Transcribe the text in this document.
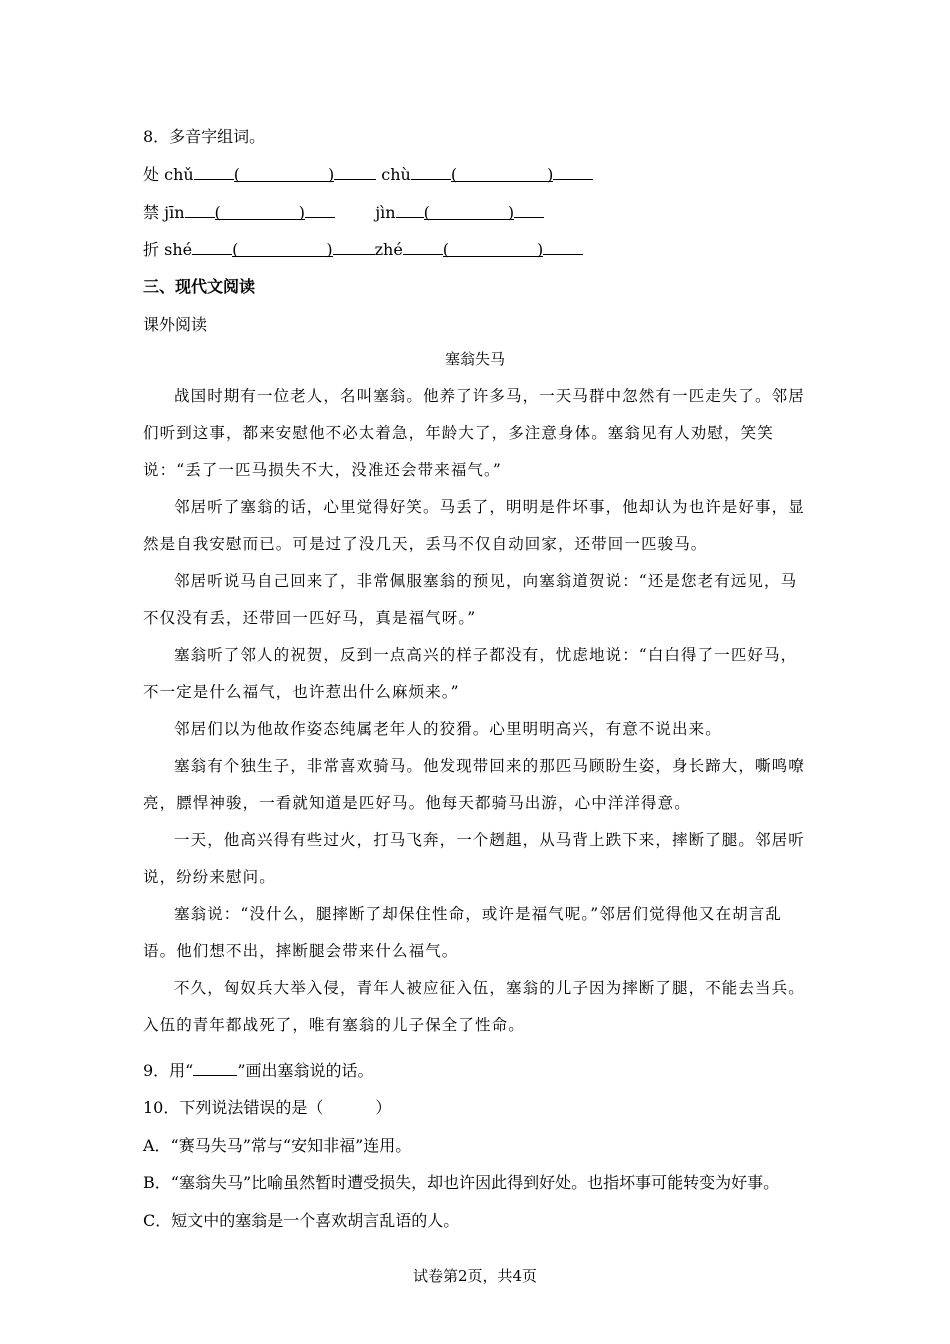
8．多音字组词。
处 chǔ	(	)	chù	(	)
禁 jīn (	)	jìn (	)
折 shé	(	)	zhé	(	)
三、现代文阅读
课外阅读
塞翁失马

战国时期有一位老人，名叫塞翁。他养了许多马，一天马群中忽然有一匹走失了。邻居们听到这事，都来安慰他不必太着急，年龄大了，多注意身体。塞翁见有人劝慰，笑笑说：“丢了一匹马损失不大，没准还会带来福气。”

邻居听了塞翁的话，心里觉得好笑。马丢了，明明是件坏事，他却认为也许是好事，显然是自我安慰而已。可是过了没几天，丢马不仅自动回家，还带回一匹骏马。

邻居听说马自己回来了，非常佩服塞翁的预见，向塞翁道贺说：“还是您老有远见，马不仅没有丢，还带回一匹好马，真是福气呀。”

塞翁听了邻人的祝贺，反到一点高兴的样子都没有，忧虑地说：“白白得了一匹好马，不一定是什么福气，也许惹出什么麻烦来。”

邻居们以为他故作姿态纯属老年人的狡猾。心里明明高兴，有意不说出来。

塞翁有个独生子，非常喜欢骑马。他发现带回来的那匹马顾盼生姿，身长蹄大，嘶鸣嘹亮，膘悍神骏，一看就知道是匹好马。他每天都骑马出游，心中洋洋得意。

一天，他高兴得有些过火，打马飞奔，一个趔趄，从马背上跌下来，摔断了腿。邻居听说，纷纷来慰问。

塞翁说：“没什么，腿摔断了却保住性命，或许是福气呢。”邻居们觉得他又在胡言乱语。他们想不出，摔断腿会带来什么福气。

不久，匈奴兵大举入侵，青年人被应征入伍，塞翁的儿子因为摔断了腿，不能去当兵。入伍的青年都战死了，唯有塞翁的儿子保全了性命。

9．用“	”画出塞翁说的话。
10．下列说法错误的是（	）
A．“赛马失马”常与“安知非福”连用。
B．“塞翁失马”比喻虽然暂时遭受损失，却也许因此得到好处。也指坏事可能转变为好事。
C．短文中的塞翁是一个喜欢胡言乱语的人。
试卷第2页，共4页
